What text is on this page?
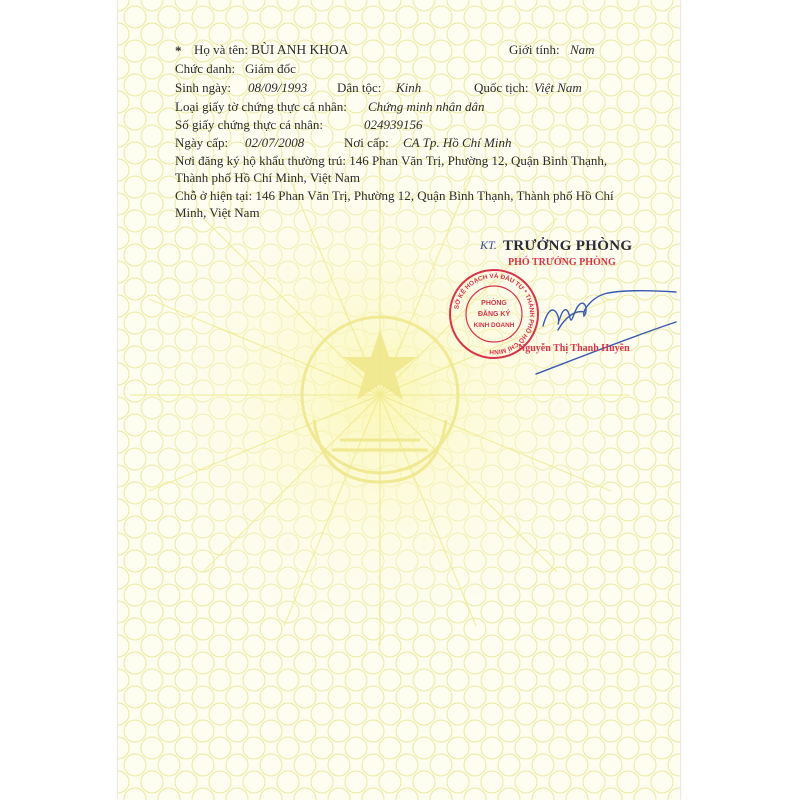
* Họ và tên: BÙI ANH KHOA	Giới tính: Nam
Chức danh: Giám đốc
Sinh ngày: 08/09/1993 Dân tộc: Kinh	Quốc tịch: Việt Nam
Loại giấy tờ chứng thực cá nhân: Chứng minh nhân dân
Số giấy chứng thực cá nhân:	024939156
Ngày cấp: 02/07/2008	Nơi cấp: CA Tp. Hồ Chí Minh
Nơi đăng ký hộ khẩu thường trú: 146 Phan Văn Trị, Phường 12, Quận Bình Thạnh,
Thành phố Hồ Chí Minh, Việt Nam
Chỗ ở hiện tại: 146 Phan Văn Trị, Phường 12, Quận Bình Thạnh, Thành phố Hồ Chí
Minh, Việt Nam
KT. TRƯỞNG PHÒNG
PHÓ TRƯỞNG PHÒNG
SỞ KẾ HOẠCH VÀ ĐẦU TƯ * THÀNH PHỐ HỒ CHÍ MINH
PHÒNG
ĐĂNG KÝ
KINH DOANH
Nguyễn Thị Thanh Huyền
